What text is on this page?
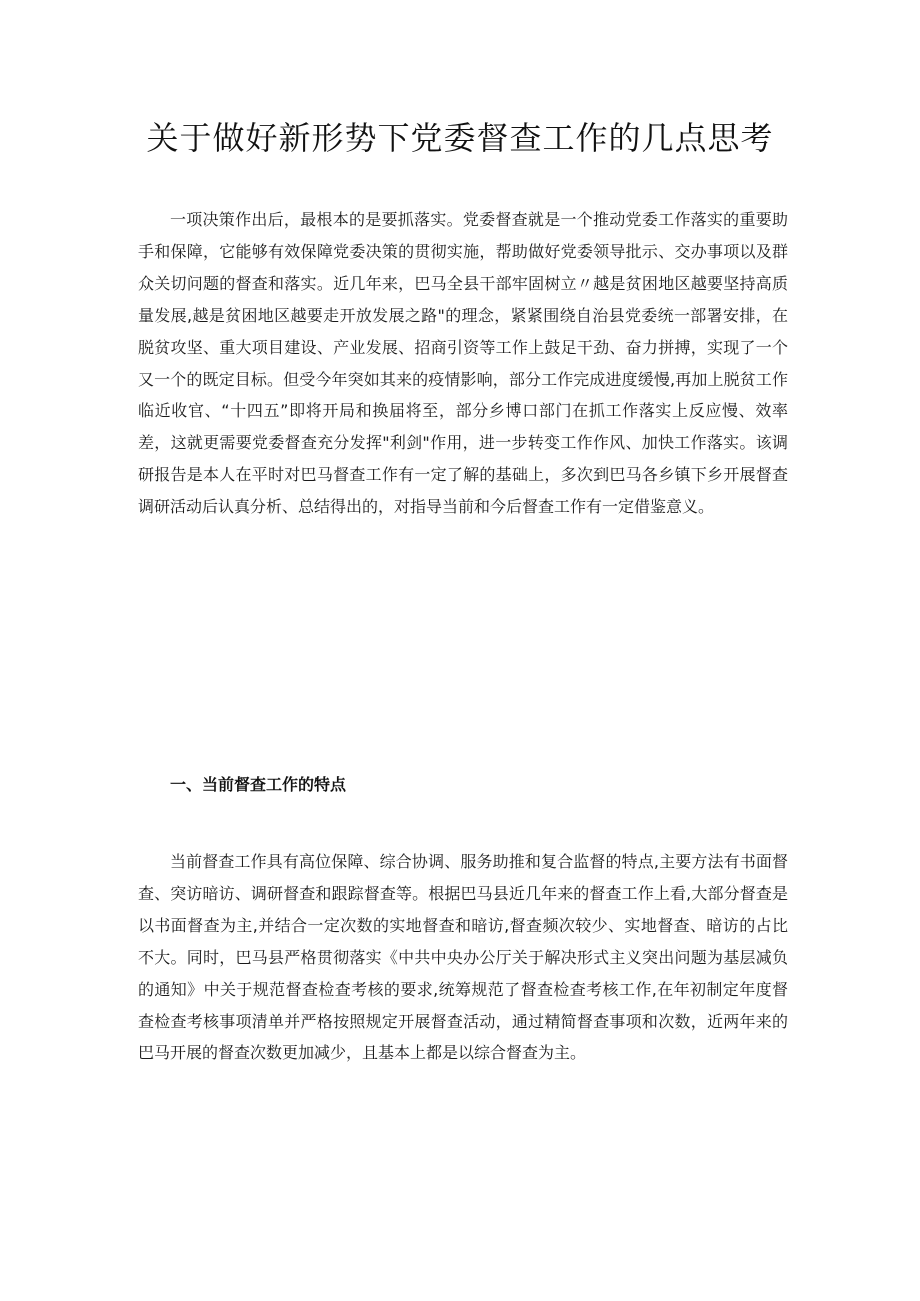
关于做好新形势下党委督查工作的几点思考

一项决策作出后，最根本的是要抓落实。党委督查就是一个推动党委工作落实的重要助手和保障，它能够有效保障党委决策的贯彻实施，帮助做好党委领导批示、交办事项以及群众关切问题的督查和落实。近几年来，巴马全县干部牢固树立〃越是贫困地区越要坚持高质量发展,越是贫困地区越要走开放发展之路"的理念，紧紧围绕自治县党委统一部署安排，在脱贫攻坚、重大项目建设、产业发展、招商引资等工作上鼓足干劲、奋力拼搏，实现了一个又一个的既定目标。但受今年突如其来的疫情影响，部分工作完成进度缓慢,再加上脱贫工作临近收官、“十四五”即将开局和换届将至，部分乡博口部门在抓工作落实上反应慢、效率差，这就更需要党委督查充分发挥"利剑"作用，进一步转变工作作风、加快工作落实。该调研报告是本人在平时对巴马督查工作有一定了解的基础上，多次到巴马各乡镇下乡开展督查调研活动后认真分析、总结得出的，对指导当前和今后督查工作有一定借鉴意义。

一、当前督查工作的特点

当前督查工作具有高位保障、综合协调、服务助推和复合监督的特点,主要方法有书面督查、突访暗访、调研督查和跟踪督查等。根据巴马县近几年来的督查工作上看,大部分督查是以书面督查为主,并结合一定次数的实地督查和暗访,督查频次较少、实地督查、暗访的占比不大。同时，巴马县严格贯彻落实《中共中央办公厅关于解决形式主义突出问题为基层减负的通知》中关于规范督查检查考核的要求,统筹规范了督查检查考核工作,在年初制定年度督查检查考核事项清单并严格按照规定开展督查活动，通过精简督查事项和次数，近两年来的巴马开展的督查次数更加减少，且基本上都是以综合督查为主。
